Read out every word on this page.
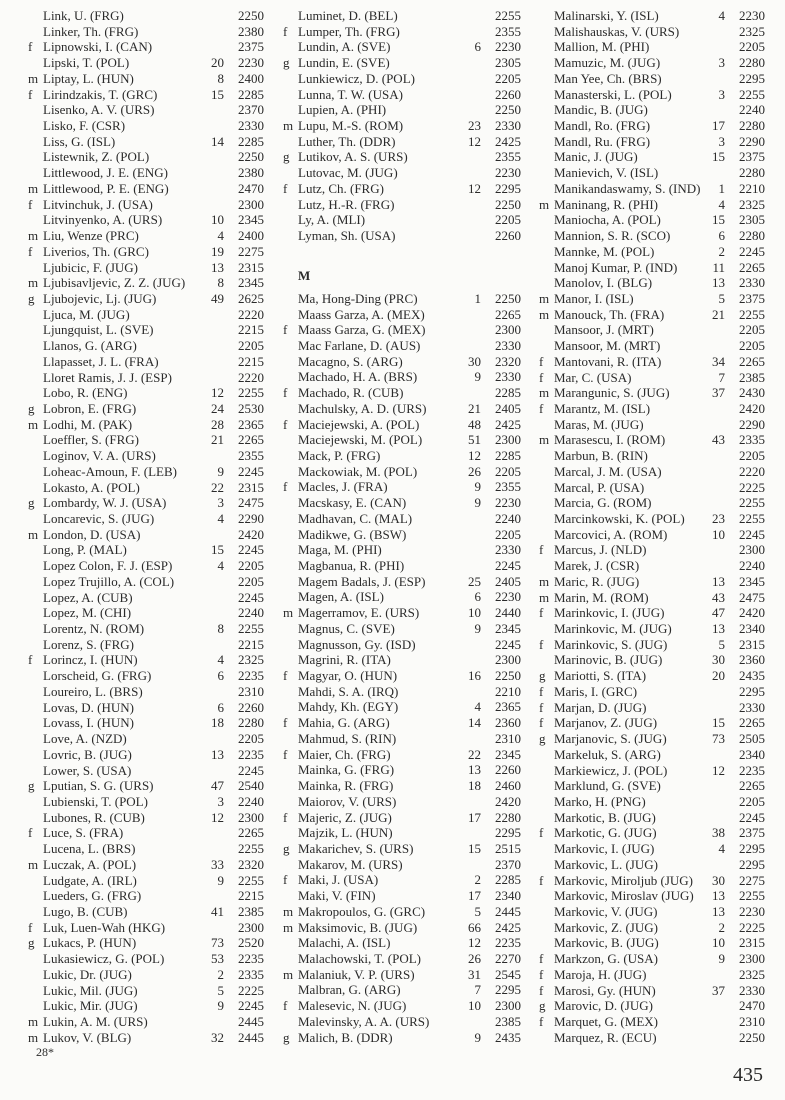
Link, U. (FRG)	2250
Linker, Th. (FRG)	2380
f Lipnowski, I. (CAN)	2375
Lipski, T. (POL)	20	2230
m Liptay, L. (HUN)	8	2400
f Lirindzakis, T. (GRC)	15	2285
Lisenko, A. V. (URS)	2370
Lisko, F. (CSR)	2330
Liss, G. (ISL)	14	2285
Listewnik, Z. (POL)	2250
Littlewood, J. E. (ENG)	2380
m Littlewood, P. E. (ENG)	2470
f Litvinchuk, J. (USA)	2300
Litvinyenko, A. (URS)	10	2345
m Liu, Wenze (PRC)	4	2400
f Liverios, Th. (GRC)	19	2275
Ljubicic, F. (JUG)	13	2315
m Ljubisavljevic, Z. Z. (JUG)	8	2345
g Ljubojevic, Lj. (JUG)	49	2625
Ljuca, M. (JUG)	2220
Ljungquist, L. (SVE)	2215
Llanos, G. (ARG)	2205
Llapasset, J. L. (FRA)	2215
Lloret Ramis, J. J. (ESP)	2220
Lobo, R. (ENG)	12	2255
g Lobron, E. (FRG)	24	2530
m Lodhi, M. (PAK)	28	2365
Loeffler, S. (FRG)	21	2265
Loginov, V. A. (URS)	2355
Loheac-Amoun, F. (LEB)	9	2245
Lokasto, A. (POL)	22	2315
g Lombardy, W. J. (USA)	3	2475
Loncarevic, S. (JUG)	4	2290
m London, D. (USA)	2420
Long, P. (MAL)	15	2245
Lopez Colon, F. J. (ESP)	4	2205
Lopez Trujillo, A. (COL)	2205
Lopez, A. (CUB)	2245
Lopez, M. (CHI)	2240
Lorentz, N. (ROM)	8	2255
Lorenz, S. (FRG)	2215
f Lorincz, I. (HUN)	4	2325
Lorscheid, G. (FRG)	6	2235
Loureiro, L. (BRS)	2310
Lovas, D. (HUN)	6	2260
Lovass, I. (HUN)	18	2280
Love, A. (NZD)	2205
Lovric, B. (JUG)	13	2235
Lower, S. (USA)	2245
g Lputian, S. G. (URS)	47	2540
Lubienski, T. (POL)	3	2240
Lubones, R. (CUB)	12	2300
f Luce, S. (FRA)	2265
Lucena, L. (BRS)	2255
m Luczak, A. (POL)	33	2320
Ludgate, A. (IRL)	9	2255
Lueders, G. (FRG)	2215
Lugo, B. (CUB)	41	2385
f Luk, Luen-Wah (HKG)	2300
g Lukacs, P. (HUN)	73	2520
Lukasiewicz, G. (POL)	53	2235
Lukic, Dr. (JUG)	2	2335
Lukic, Mil. (JUG)	5	2225
Lukic, Mir. (JUG)	9	2245
m Lukin, A. M. (URS)	2445
m Lukov, V. (BLG)	32	2445
Luminet, D. (BEL)	2255
f Lumper, Th. (FRG)	2355
Lundin, A. (SVE)	6	2230
g Lundin, E. (SVE)	2305
Lunkiewicz, D. (POL)	2205
Lunna, T. W. (USA)	2260
Lupien, A. (PHI)	2250
m Lupu, M.-S. (ROM)	23	2330
Luther, Th. (DDR)	12	2425
g Lutikov, A. S. (URS)	2355
Lutovac, M. (JUG)	2230
f Lutz, Ch. (FRG)	12	2295
Lutz, H.-R. (FRG)	2250
Ly, A. (MLI)	2205
Lyman, Sh. (USA)	2260
M
Ma, Hong-Ding (PRC)	1	2250
Maass Garza, A. (MEX)	2265
f Maass Garza, G. (MEX)	2300
Mac Farlane, D. (AUS)	2330
Macagno, S. (ARG)	30	2320
Machado, H. A. (BRS)	9	2330
f Machado, R. (CUB)	2285
Machulsky, A. D. (URS)	21	2405
f Maciejewski, A. (POL)	48	2425
Maciejewski, M. (POL)	51	2300
Mack, P. (FRG)	12	2285
Mackowiak, M. (POL)	26	2205
f Macles, J. (FRA)	9	2355
Macskasy, E. (CAN)	9	2230
Madhavan, C. (MAL)	2240
Madikwe, G. (BSW)	2205
Maga, M. (PHI)	2330
Magbanua, R. (PHI)	2245
Magem Badals, J. (ESP)	25	2405
Magen, A. (ISL)	6	2230
m Magerramov, E. (URS)	10	2440
Magnus, C. (SVE)	9	2345
Magnusson, Gy. (ISD)	2245
Magrini, R. (ITA)	2300
f Magyar, O. (HUN)	16	2250
Mahdi, S. A. (IRQ)	2210
Mahdy, Kh. (EGY)	4	2365
f Mahia, G. (ARG)	14	2360
Mahmud, S. (RIN)	2310
f Maier, Ch. (FRG)	22	2345
Mainka, G. (FRG)	13	2260
Mainka, R. (FRG)	18	2460
Maiorov, V. (URS)	2420
f Majeric, Z. (JUG)	17	2280
Majzik, L. (HUN)	2295
g Makarichev, S. (URS)	15	2515
Makarov, M. (URS)	2370
f Maki, J. (USA)	2	2285
Maki, V. (FIN)	17	2340
m Makropoulos, G. (GRC)	5	2445
m Maksimovic, B. (JUG)	66	2425
Malachi, A. (ISL)	12	2235
Malachowski, T. (POL)	26	2270
m Malaniuk, V. P. (URS)	31	2545
Malbran, G. (ARG)	7	2295
f Malesevic, N. (JUG)	10	2300
Malevinsky, A. A. (URS)	2385
g Malich, B. (DDR)	9	2435
Malinarski, Y. (ISL)	4	2230
Malishauskas, V. (URS)	2325
Mallion, M. (PHI)	2205
Mamuzic, M. (JUG)	3	2280
Man Yee, Ch. (BRS)	2295
Manasterski, L. (POL)	3	2255
Mandic, B. (JUG)	2240
Mandl, Ro. (FRG)	17	2280
Mandl, Ru. (FRG)	3	2290
Manic, J. (JUG)	15	2375
Manievich, V. (ISL)	2280
Manikandaswamy, S. (IND)	1	2210
m Maninang, R. (PHI)	4	2325
Maniocha, A. (POL)	15	2305
Mannion, S. R. (SCO)	6	2280
Mannke, M. (POL)	2	2245
Manoj Kumar, P. (IND)	11	2265
Manolov, I. (BLG)	13	2330
m Manor, I. (ISL)	5	2375
m Manouck, Th. (FRA)	21	2255
Mansoor, J. (MRT)	2205
Mansoor, M. (MRT)	2205
f Mantovani, R. (ITA)	34	2265
f Mar, C. (USA)	7	2385
m Marangunic, S. (JUG)	37	2430
f Marantz, M. (ISL)	2420
Maras, M. (JUG)	2290
m Marasescu, I. (ROM)	43	2335
Marbun, B. (RIN)	2205
Marcal, J. M. (USA)	2220
Marcal, P. (USA)	2225
Marcia, G. (ROM)	2255
Marcinkowski, K. (POL)	23	2255
Marcovici, A. (ROM)	10	2245
f Marcus, J. (NLD)	2300
Marek, J. (CSR)	2240
m Maric, R. (JUG)	13	2345
m Marin, M. (ROM)	43	2475
f Marinkovic, I. (JUG)	47	2420
Marinkovic, M. (JUG)	13	2340
f Marinkovic, S. (JUG)	5	2315
Marinovic, B. (JUG)	30	2360
g Mariotti, S. (ITA)	20	2435
f Maris, I. (GRC)	2295
f Marjan, D. (JUG)	2330
f Marjanov, Z. (JUG)	15	2265
g Marjanovic, S. (JUG)	73	2505
Markeluk, S. (ARG)	2340
Markiewicz, J. (POL)	12	2235
Marklund, G. (SVE)	2265
Marko, H. (PNG)	2205
Markotic, B. (JUG)	2245
f Markotic, G. (JUG)	38	2375
Markovic, I. (JUG)	4	2295
Markovic, L. (JUG)	2295
f Markovic, Miroljub (JUG)	30	2275
Markovic, Miroslav (JUG)	13	2255
Markovic, V. (JUG)	13	2230
Markovic, Z. (JUG)	2	2225
Markovic, B. (JUG)	10	2315
f Markzon, G. (USA)	9	2300
f Maroja, H. (JUG)	2325
f Marosi, Gy. (HUN)	37	2330
g Marovic, D. (JUG)	2470
f Marquet, G. (MEX)	2310
Marquez, R. (ECU)	2250
28*
435
